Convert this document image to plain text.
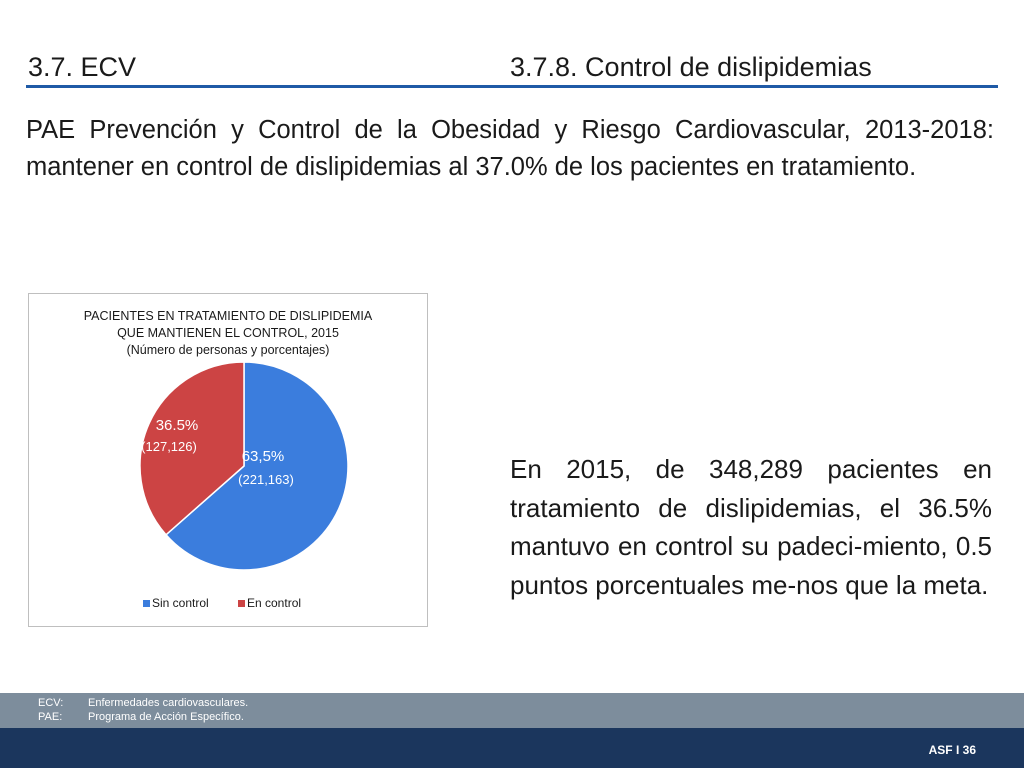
3.7. ECV	3.7.8. Control de dislipidemias

PAE Prevención y Control de la Obesidad y Riesgo Cardiovascular, 2013-2018: mantener en control de dislipidemias al 37.0% de los pacientes en tratamiento.

PACIENTES EN TRATAMIENTO DE DISLIPIDEMIA
QUE MANTIENEN EL CONTROL, 2015
(Número de personas y porcentajes)
36.5%
(127,126)
63,5%
(221,163)
Sin control	En control

En 2015, de 348,289 pacientes en tratamiento de dislipidemias, el 36.5% mantuvo en control su padeci-miento, 0.5 puntos porcentuales me-nos que la meta.

ECV: Enfermedades cardiovasculares.
PAE: Programa de Acción Específico.
ASF I 36
